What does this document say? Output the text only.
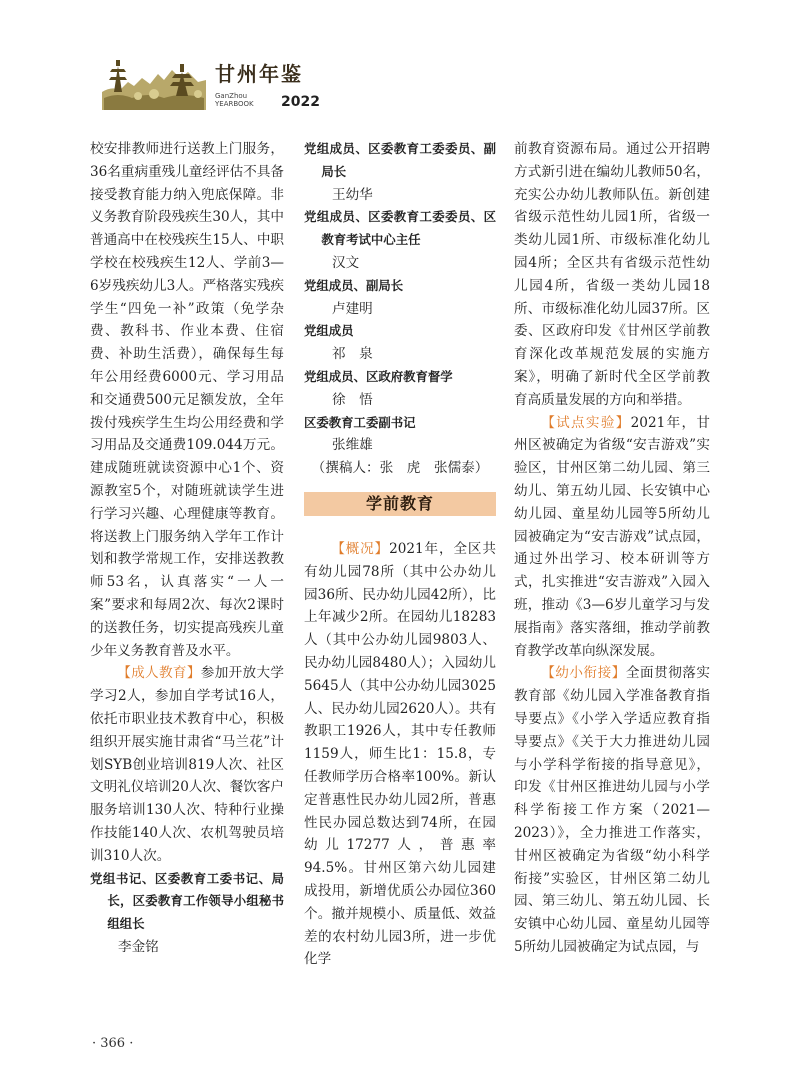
甘州年鉴
GanZhou
YEARBOOK 2022

校安排教师进行送教上门服务，36名重病重残儿童经评估不具备接受教育能力纳入兜底保障。非义务教育阶段残疾生30人，其中普通高中在校残疾生15人、中职学校在校残疾生12人、学前3—6岁残疾幼儿3人。严格落实残疾学生“四免一补”政策（免学杂费、教科书、作业本费、住宿费、补助生活费），确保每生每年公用经费6000元、学习用品和交通费500元足额发放，全年拨付残疾学生生均公用经费和学习用品及交通费109.044万元。建成随班就读资源中心1个、资源教室5个，对随班就读学生进行学习兴趣、心理健康等教育。将送教上门服务纳入学年工作计划和教学常规工作，安排送教教师53名，认真落实“一人一案”要求和每周2次、每次2课时的送教任务，切实提高残疾儿童少年义务教育普及水平。

【成人教育】参加开放大学学习2人，参加自学考试16人，依托市职业技术教育中心，积极组织开展实施甘肃省“马兰花”计划SYB创业培训819人次、社区文明礼仪培训20人次、餐饮客户服务培训130人次、特种行业操作技能140人次、农机驾驶员培训310人次。

党组书记、区委教育工委书记、局长，区委教育工作领导小组秘书组组长

李金铭

党组成员、区委教育工委委员、副局长

王幼华

党组成员、区委教育工委委员、区教育考试中心主任

汉文

党组成员、副局长

卢建明

党组成员

祁　泉

党组成员、区政府教育督学

徐　悟

区委教育工委副书记

张维雄

（撰稿人：张　虎　张儒泰）

学前教育

【概况】2021年，全区共有幼儿园78所（其中公办幼儿园36所、民办幼儿园42所），比上年减少2所。在园幼儿18283人（其中公办幼儿园9803人、民办幼儿园8480人）；入园幼儿5645人（其中公办幼儿园3025人、民办幼儿园2620人）。共有教职工1926人，其中专任教师1159人，师生比1：15.8，专任教师学历合格率100%。新认定普惠性民办幼儿园2所，普惠性民办园总数达到74所，在园幼儿17277人，普惠率94.5%。甘州区第六幼儿园建成投用，新增优质公办园位360个。撤并规模小、质量低、效益差的农村幼儿园3所，进一步优化学

前教育资源布局。通过公开招聘方式新引进在编幼儿教师50名，充实公办幼儿教师队伍。新创建省级示范性幼儿园1所，省级一类幼儿园1所、市级标准化幼儿园4所；全区共有省级示范性幼儿园4所，省级一类幼儿园18所、市级标准化幼儿园37所。区委、区政府印发《甘州区学前教育深化改革规范发展的实施方案》，明确了新时代全区学前教育高质量发展的方向和举措。

【试点实验】2021年，甘州区被确定为省级“安吉游戏”实验区，甘州区第二幼儿园、第三幼儿、第五幼儿园、长安镇中心幼儿园、童星幼儿园等5所幼儿园被确定为“安吉游戏”试点园，通过外出学习、校本研训等方式，扎实推进“安吉游戏”入园入班，推动《3—6岁儿童学习与发展指南》落实落细，推动学前教育教学改革向纵深发展。

【幼小衔接】全面贯彻落实教育部《幼儿园入学准备教育指导要点》《小学入学适应教育指导要点》《关于大力推进幼儿园与小学科学衔接的指导意见》，印发《甘州区推进幼儿园与小学科学衔接工作方案（2021—2023）》，全力推进工作落实，甘州区被确定为省级“幼小科学衔接”实验区，甘州区第二幼儿园、第三幼儿、第五幼儿园、长安镇中心幼儿园、童星幼儿园等5所幼儿园被确定为试点园，与

· 366 ·
